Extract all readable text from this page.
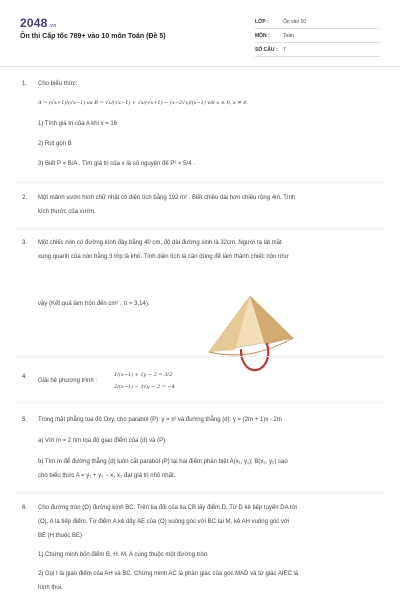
2048.vn
Ôn thi Cấp tốc 789+ vào 10 môn Toán (Đề 5)
LỚP :	Ôn vào 10
MÔN :	Toán
SỐ CÂU : 7
1. Cho biểu thức:
A = (√x+1)/(√x−1) và B = √x/(√x−1) + √x/(√x+1) − (x−2√x)/(x−1) với x ≥ 0, x ≠ 4.
1) Tính giá trị của A khi x = 16
2) Rút gọn B
3) Biết P = B/A . Tìm giá trị của x là số nguyên để P² < 5/4 .
2. Một mảnh vườn hình chữ nhật có diện tích bằng 192 m² . Biết chiều dài hơn chiều rộng 4m. Tính
kích thước của vườn.
3. Một chiếc nón có đường kính đáy bằng 40 cm, độ dài đường sinh là 32cm. Người ta lát mặt
xung quanh của nón bằng 3 lớp lá khô. Tính diện tích lá cần dùng để làm thành chiếc nón như
vậy (Kết quả làm tròn đến cm² , π ≈ 3,14).
4.
Giải hệ phương trình :
1/(x−1) + √y − 2 = 3/2
2/(x−1) − 3√y − 2 = −4
5. Trong mặt phẳng tọa độ Oxy, cho parabol (P): y = x² và đường thẳng (d): y = (2m + 1)x - 2m
a) Với m = 2 tìm tọa độ giao điểm của (d) và (P)
b) Tìm m để đường thẳng (d) luôn cắt parabol (P) tại hai điểm phân biệt A(x₁, y₁); B(x₂, y₂) sao
cho biểu thức A = y₁ + y₂ − x₁ x₂ đạt giá trị nhỏ nhất.
6. Cho đường tròn (O) đường kính BC. Trên tia đối của tia CB lấy điểm D. Từ D kẻ tiếp tuyến DA tới
(O), A là tiếp điểm. Từ điểm A kẻ dây AE của (O) vuông góc với BC tại M, kẻ AH vuông góc với
BE (H thuộc BE)
1) Chứng minh bốn điểm B, H, M, A cùng thuộc một đường tròn.
2) Gọi I là giao điểm của AH và BC. Chứng minh AC là phân giác của góc MAD và tứ giác AIEC là
hình thoi.
